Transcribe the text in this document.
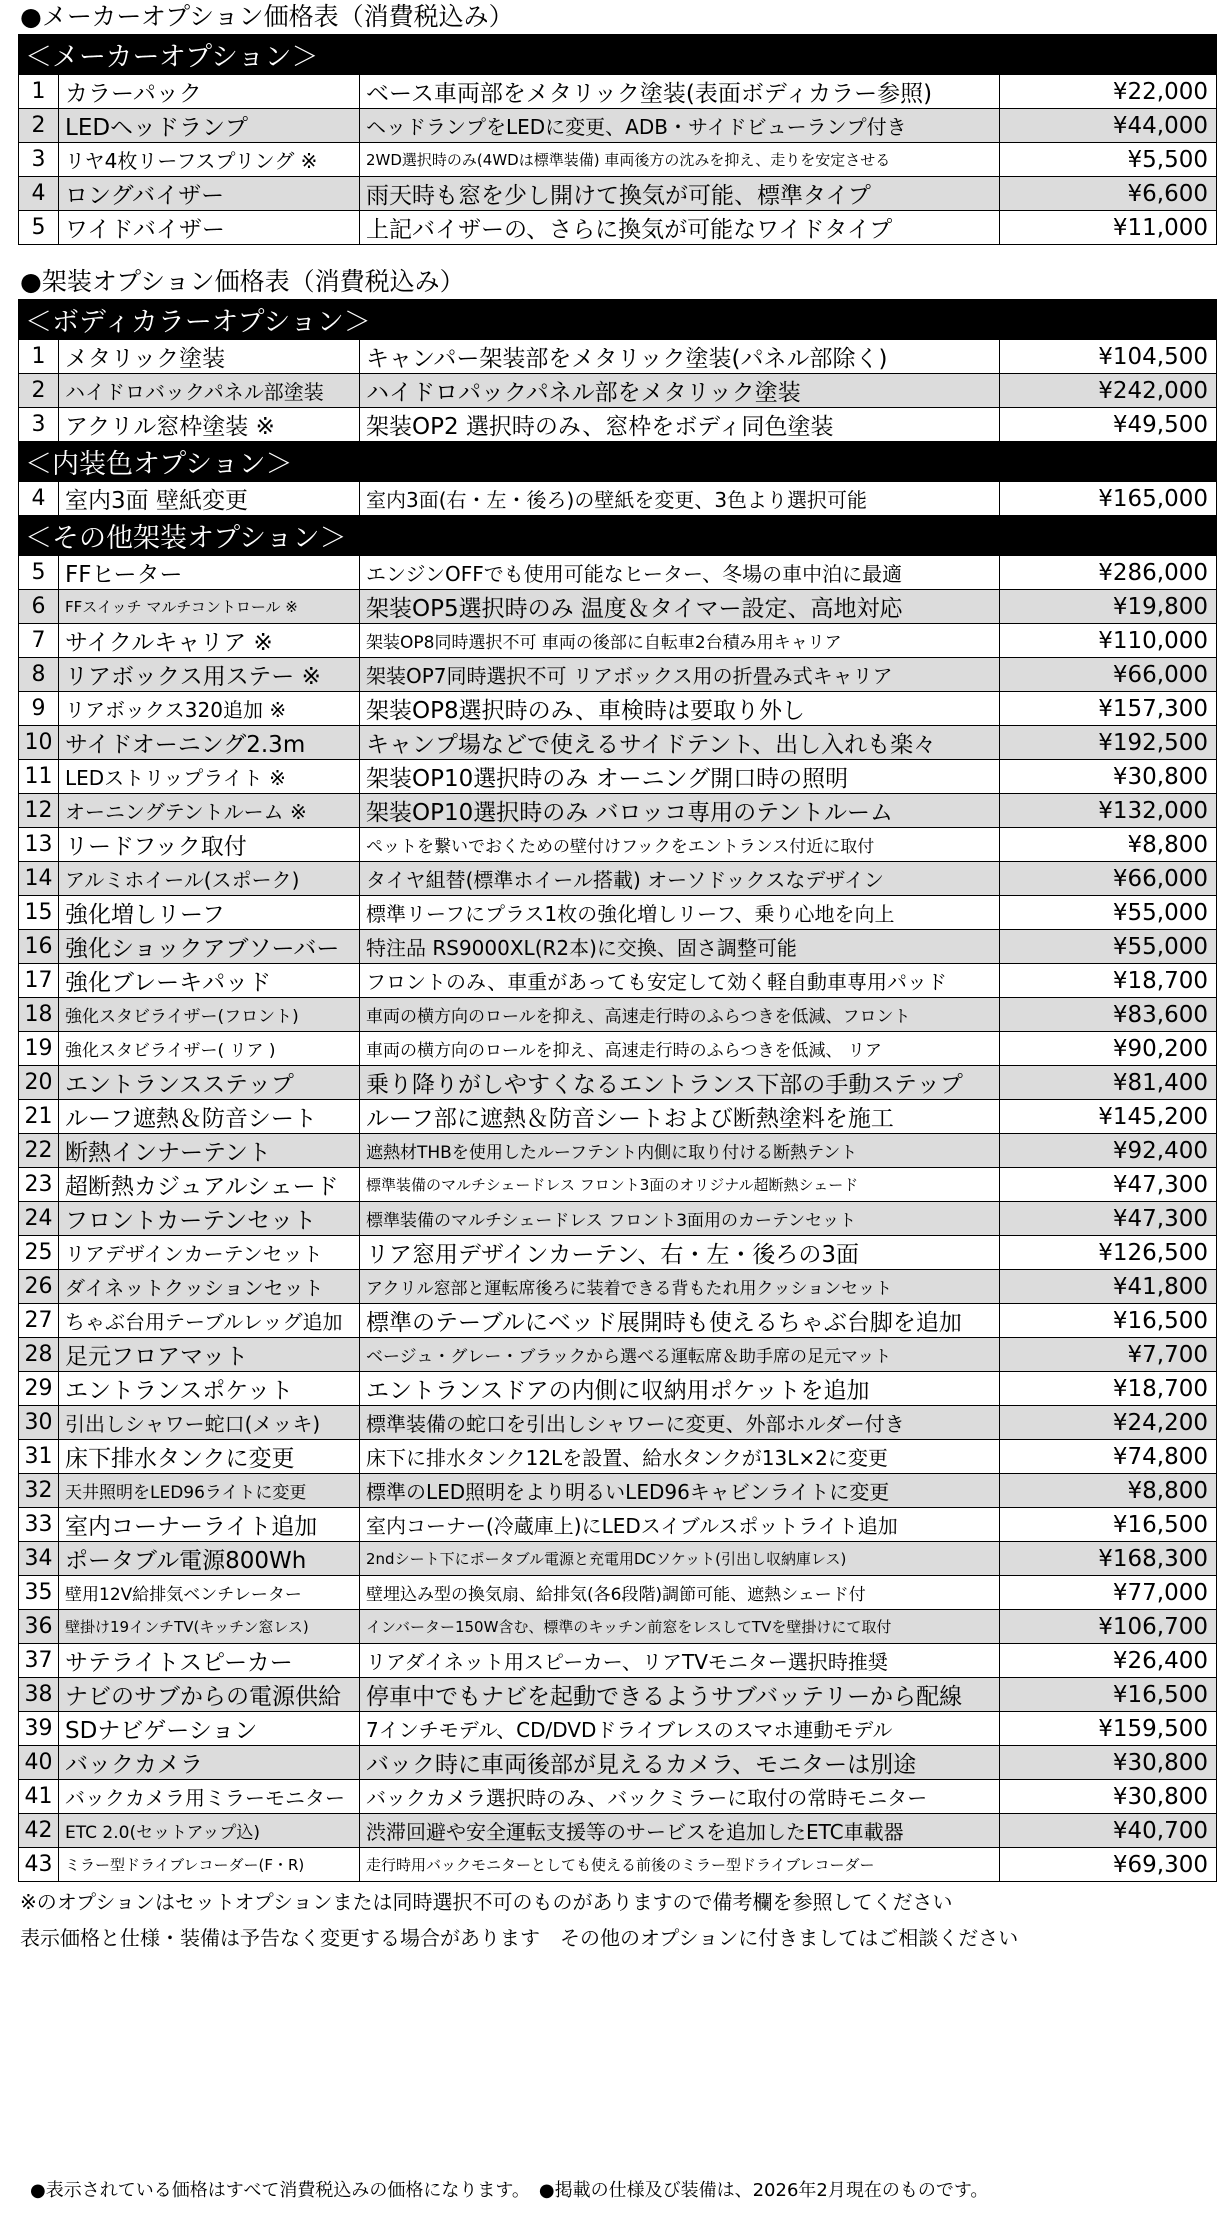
●メーカーオプション価格表（消費税込み）
＜メーカーオプション＞			
1	カラーパック	ベース車両部をメタリック塗装(表面ボディカラー参照)	¥22,000
2	LEDヘッドランプ	ヘッドランプをLEDに変更、ADB・サイドビューランプ付き	¥44,000
3	リヤ4枚リーフスプリング ※	2WD選択時のみ(4WDは標準装備) 車両後方の沈みを抑え、走りを安定させる	¥5,500
4	ロングバイザー	雨天時も窓を少し開けて換気が可能、標準タイプ	¥6,600
5	ワイドバイザー	上記バイザーの、さらに換気が可能なワイドタイプ	¥11,000
●架装オプション価格表（消費税込み）
＜ボディカラーオプション＞			
1	メタリック塗装	キャンパー架装部をメタリック塗装(パネル部除く)	¥104,500
2	ハイドロバックパネル部塗装	ハイドロパックパネル部をメタリック塗装	¥242,000
3	アクリル窓枠塗装 ※	架装OP2 選択時のみ、窓枠をボディ同色塗装	¥49,500
＜内装色オプション＞			
4	室内3面 壁紙変更	室内3面(右・左・後ろ)の壁紙を変更、3色より選択可能	¥165,000
＜その他架装オプション＞			
5	FFヒーター	エンジンOFFでも使用可能なヒーター、冬場の車中泊に最適	¥286,000
6	FFスイッチ マルチコントロール ※	架装OP5選択時のみ 温度＆タイマー設定、高地対応	¥19,800
7	サイクルキャリア ※	架装OP8同時選択不可 車両の後部に自転車2台積み用キャリア	¥110,000
8	リアボックス用ステー ※	架装OP7同時選択不可 リアボックス用の折畳み式キャリア	¥66,000
9	リアボックス320追加 ※	架装OP8選択時のみ、車検時は要取り外し	¥157,300
10	サイドオーニング2.3m	キャンプ場などで使えるサイドテント、出し入れも楽々	¥192,500
11	LEDストリップライト ※	架装OP10選択時のみ オーニング開口時の照明	¥30,800
12	オーニングテントルーム ※	架装OP10選択時のみ バロッコ専用のテントルーム	¥132,000
13	リードフック取付	ペットを繋いでおくための壁付けフックをエントランス付近に取付	¥8,800
14	アルミホイール(スポーク)	タイヤ組替(標準ホイール搭載) オーソドックスなデザイン	¥66,000
15	強化増しリーフ	標準リーフにプラス1枚の強化増しリーフ、乗り心地を向上	¥55,000
16	強化ショックアブソーバー	特注品 RS9000XL(R2本)に交換、固さ調整可能	¥55,000
17	強化ブレーキパッド	フロントのみ、車重があっても安定して効く軽自動車専用パッド	¥18,700
18	強化スタビライザー(フロント)	車両の横方向のロールを抑え、高速走行時のふらつきを低減、フロント	¥83,600
19	強化スタビライザー( リア )	車両の横方向のロールを抑え、高速走行時のふらつきを低減、 リア	¥90,200
20	エントランスステップ	乗り降りがしやすくなるエントランス下部の手動ステップ	¥81,400
21	ルーフ遮熱＆防音シート	ルーフ部に遮熱＆防音シートおよび断熱塗料を施工	¥145,200
22	断熱インナーテント	遮熱材THBを使用したルーフテント内側に取り付ける断熱テント	¥92,400
23	超断熱カジュアルシェード	標準装備のマルチシェードレス フロント3面のオリジナル超断熱シェード	¥47,300
24	フロントカーテンセット	標準装備のマルチシェードレス フロント3面用のカーテンセット	¥47,300
25	リアデザインカーテンセット	リア窓用デザインカーテン、右・左・後ろの3面	¥126,500
26	ダイネットクッションセット	アクリル窓部と運転席後ろに装着できる背もたれ用クッションセット	¥41,800
27	ちゃぶ台用テーブルレッグ追加	標準のテーブルにベッド展開時も使えるちゃぶ台脚を追加	¥16,500
28	足元フロアマット	ベージュ・グレー・ブラックから選べる運転席＆助手席の足元マット	¥7,700
29	エントランスポケット	エントランスドアの内側に収納用ポケットを追加	¥18,700
30	引出しシャワー蛇口(メッキ)	標準装備の蛇口を引出しシャワーに変更、外部ホルダー付き	¥24,200
31	床下排水タンクに変更	床下に排水タンク12Lを設置、給水タンクが13L×2に変更	¥74,800
32	天井照明をLED96ライトに変更	標準のLED照明をより明るいLED96キャビンライトに変更	¥8,800
33	室内コーナーライト追加	室内コーナー(冷蔵庫上)にLEDスイブルスポットライト追加	¥16,500
34	ポータブル電源800Wh	2ndシート下にポータブル電源と充電用DCソケット(引出し収納庫レス)	¥168,300
35	壁用12V給排気ベンチレーター	壁埋込み型の換気扇、給排気(各6段階)調節可能、遮熱シェード付	¥77,000
36	壁掛け19インチTV(キッチン窓レス)	インバーター150W含む、標準のキッチン前窓をレスしてTVを壁掛けにて取付	¥106,700
37	サテライトスピーカー	リアダイネット用スピーカー、リアTVモニター選択時推奨	¥26,400
38	ナビのサブからの電源供給	停車中でもナビを起動できるようサブバッテリーから配線	¥16,500
39	SDナビゲーション	7インチモデル、CD/DVDドライブレスのスマホ連動モデル	¥159,500
40	バックカメラ	バック時に車両後部が見えるカメラ、モニターは別途	¥30,800
41	バックカメラ用ミラーモニター	バックカメラ選択時のみ、バックミラーに取付の常時モニター	¥30,800
42	ETC 2.0(セットアップ込)	渋滞回避や安全運転支援等のサービスを追加したETC車載器	¥40,700
43	ミラー型ドライブレコーダー(F・R)	走行時用バックモニターとしても使える前後のミラー型ドライブレコーダー	¥69,300
※のオプションはセットオプションまたは同時選択不可のものがありますので備考欄を参照してください
表示価格と仕様・装備は予告なく変更する場合があります　その他のオプションに付きましてはご相談ください
●表示されている価格はすべて消費税込みの価格になります。　●掲載の仕様及び装備は、2026年2月現在のものです。
